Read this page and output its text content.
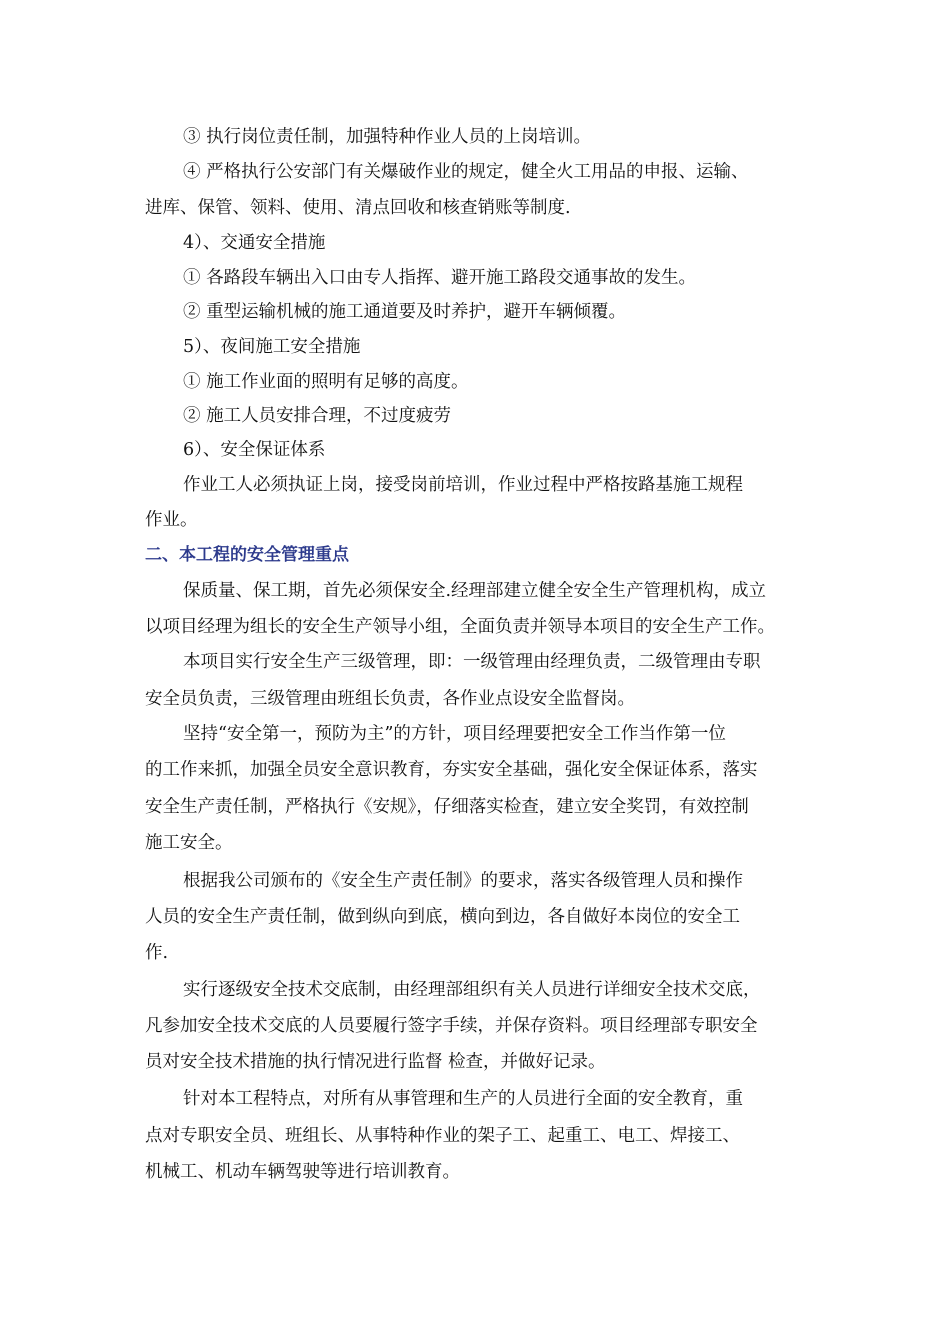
③ 执行岗位责任制，加强特种作业人员的上岗培训。
④ 严格执行公安部门有关爆破作业的规定，健全火工用品的申报、运输、
进库、保管、领料、使用、清点回收和核查销账等制度.
4）、交通安全措施
① 各路段车辆出入口由专人指挥、避开施工路段交通事故的发生。
② 重型运输机械的施工通道要及时养护，避开车辆倾覆。
5）、夜间施工安全措施
① 施工作业面的照明有足够的高度。
② 施工人员安排合理，不过度疲劳
6）、安全保证体系
作业工人必须执证上岗，接受岗前培训，作业过程中严格按路基施工规程
作业。
二、本工程的安全管理重点
保质量、保工期，首先必须保安全.经理部建立健全安全生产管理机构，成立
以项目经理为组长的安全生产领导小组，全面负责并领导本项目的安全生产工作。
本项目实行安全生产三级管理，即：一级管理由经理负责，二级管理由专职
安全员负责，三级管理由班组长负责，各作业点设安全监督岗。
坚持“安全第一，预防为主”的方针，项目经理要把安全工作当作第一位
的工作来抓，加强全员安全意识教育，夯实安全基础，强化安全保证体系，落实
安全生产责任制，严格执行《安规》，仔细落实检查，建立安全奖罚，有效控制
施工安全。
根据我公司颁布的《安全生产责任制》的要求，落实各级管理人员和操作
人员的安全生产责任制，做到纵向到底，横向到边，各自做好本岗位的安全工
作.
实行逐级安全技术交底制，由经理部组织有关人员进行详细安全技术交底，
凡参加安全技术交底的人员要履行签字手续，并保存资料。项目经理部专职安全
员对安全技术措施的执行情况进行监督 检查，并做好记录。
针对本工程特点，对所有从事管理和生产的人员进行全面的安全教育，重
点对专职安全员、班组长、从事特种作业的架子工、起重工、电工、焊接工、
机械工、机动车辆驾驶等进行培训教育。
